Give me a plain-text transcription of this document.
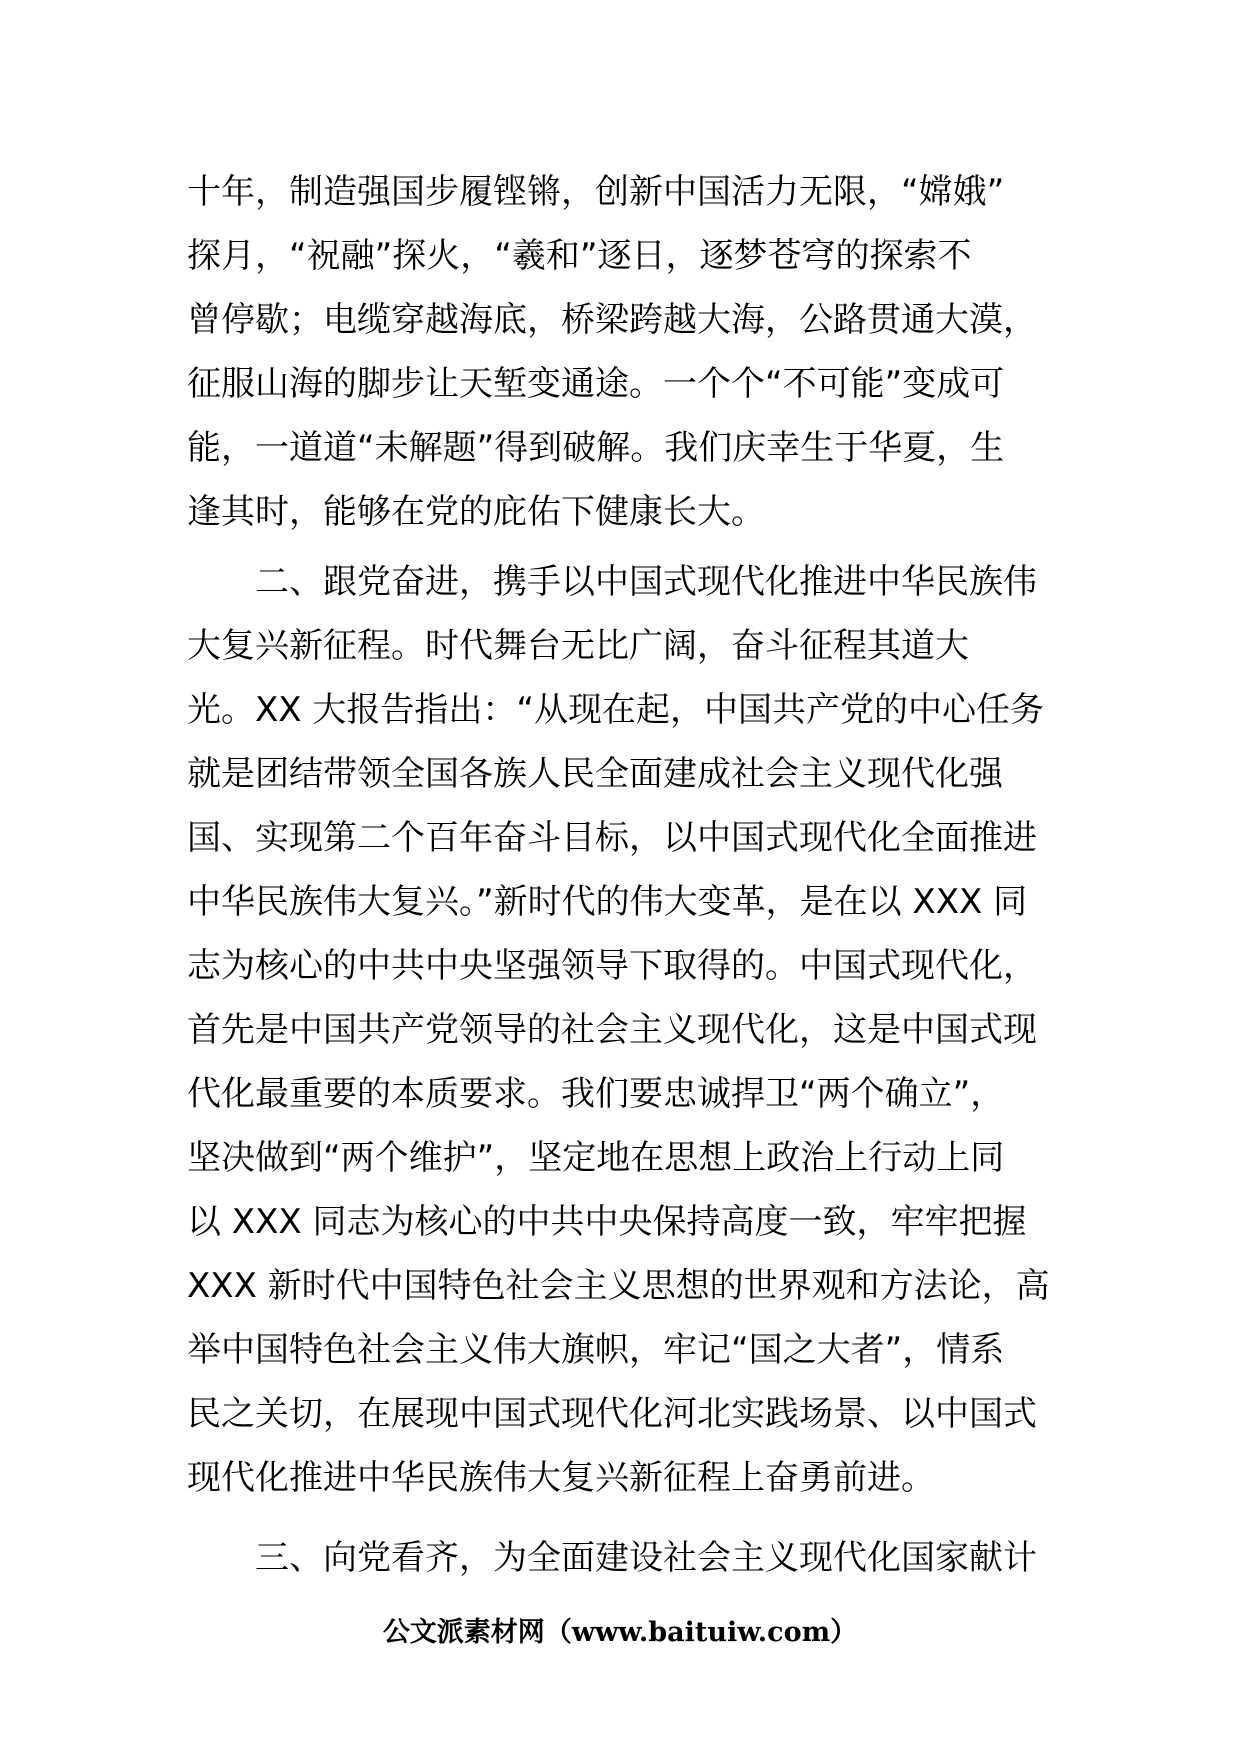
十年，制造强国步履铿锵，创新中国活力无限，“嫦娥”
探月，“祝融”探火，“羲和”逐日，逐梦苍穹的探索不
曾停歇；电缆穿越海底，桥梁跨越大海，公路贯通大漠，
征服山海的脚步让天堑变通途。一个个“不可能”变成可
能，一道道“未解题”得到破解。我们庆幸生于华夏，生
逢其时，能够在党的庇佑下健康长大。
二、跟党奋进，携手以中国式现代化推进中华民族伟
大复兴新征程。时代舞台无比广阔，奋斗征程其道大
光。XX 大报告指出：“从现在起，中国共产党的中心任务
就是团结带领全国各族人民全面建成社会主义现代化强
国、实现第二个百年奋斗目标，以中国式现代化全面推进
中华民族伟大复兴。”新时代的伟大变革，是在以 XXX 同
志为核心的中共中央坚强领导下取得的。中国式现代化，
首先是中国共产党领导的社会主义现代化，这是中国式现
代化最重要的本质要求。我们要忠诚捍卫“两个确立”，
坚决做到“两个维护”，坚定地在思想上政治上行动上同
以 XXX 同志为核心的中共中央保持高度一致，牢牢把握
XXX 新时代中国特色社会主义思想的世界观和方法论，高
举中国特色社会主义伟大旗帜，牢记“国之大者”，情系
民之关切，在展现中国式现代化河北实践场景、以中国式
现代化推进中华民族伟大复兴新征程上奋勇前进。
三、向党看齐，为全面建设社会主义现代化国家献计
公文派素材网（www.baituiw.com）
